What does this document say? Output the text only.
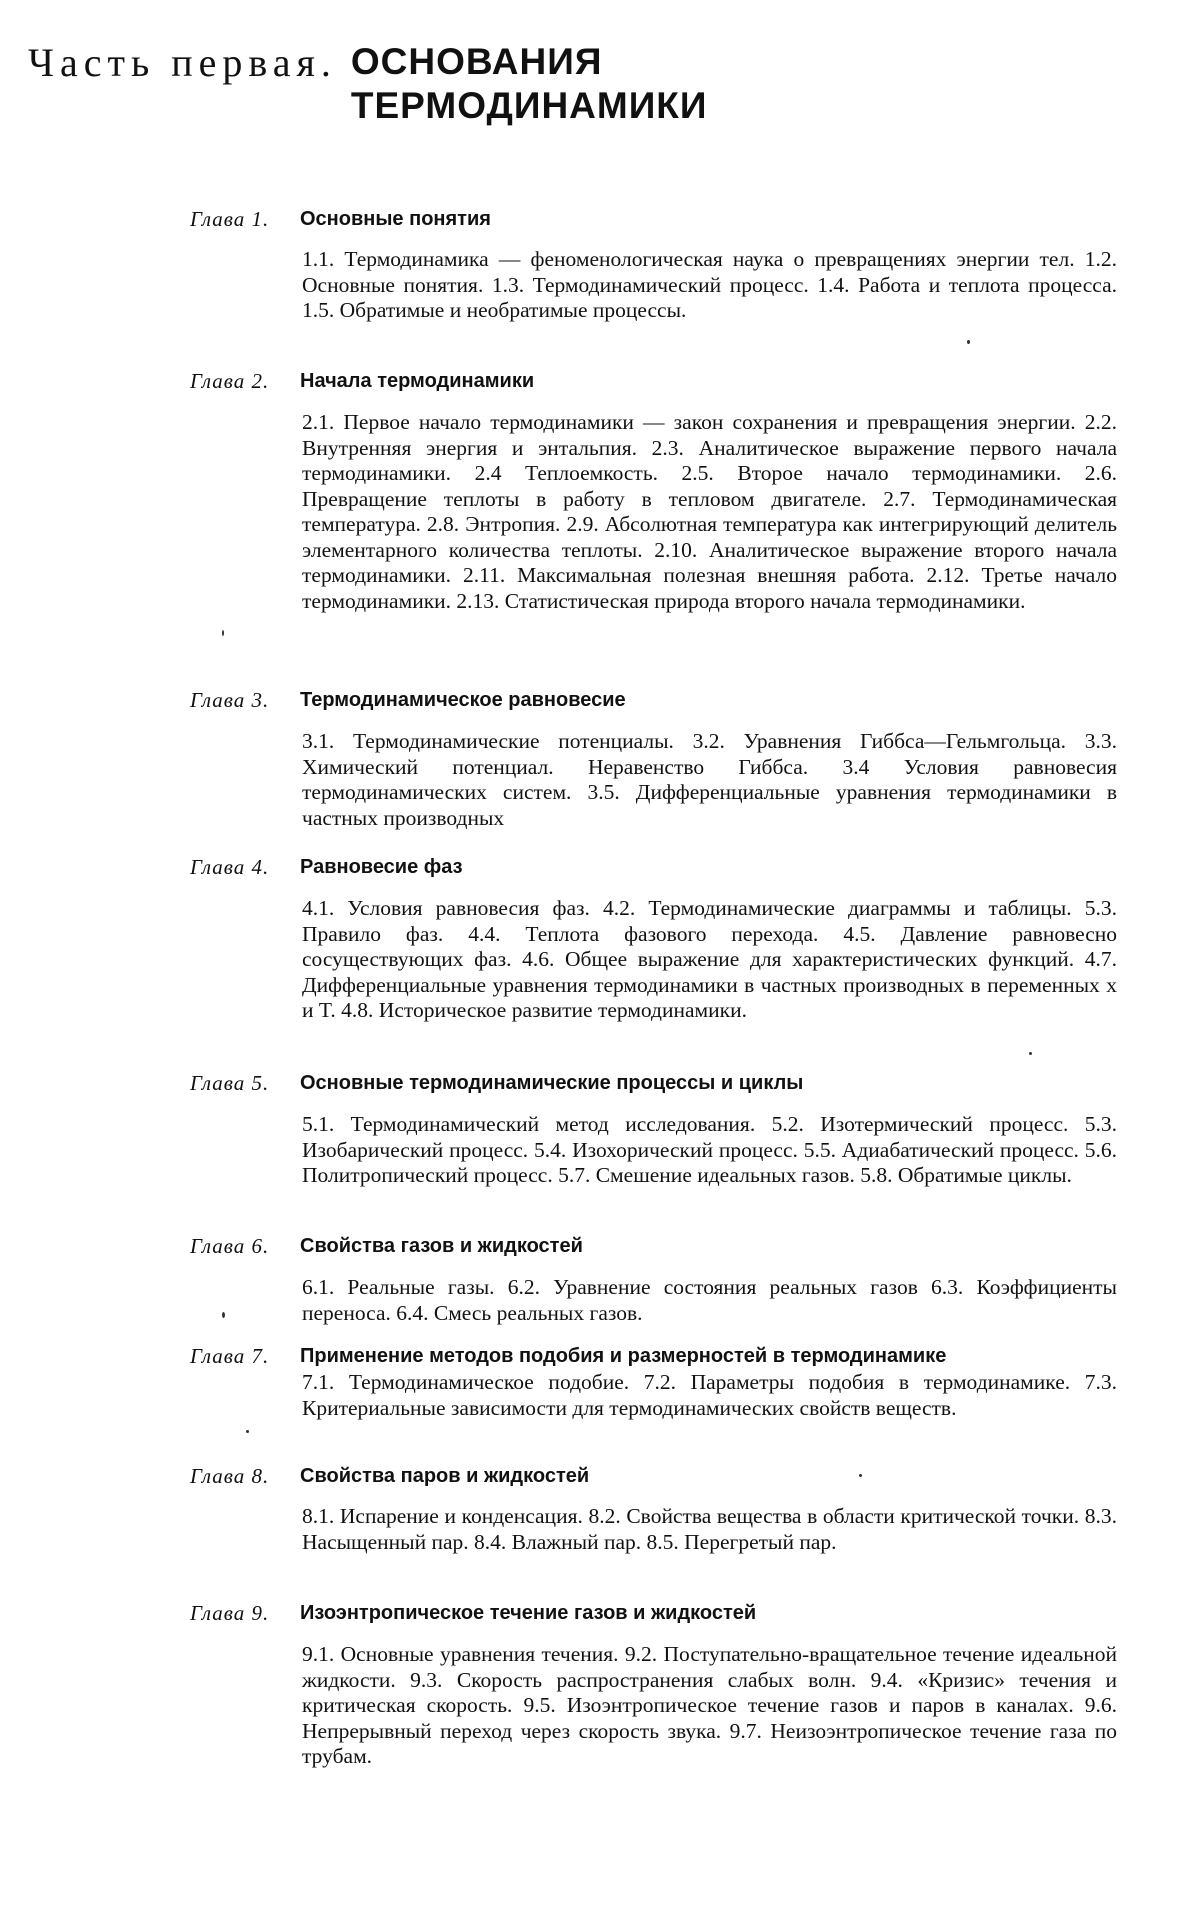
Часть первая. ОСНОВАНИЯ
ТЕРМОДИНАМИКИ
Глава 1.	Основные понятия
1.1. Термодинамика — феноменологическая наука о превращениях энергии тел. 1.2. Основные понятия. 1.3. Термодинамический процесс. 1.4. Работа и теплота процесса. 1.5. Обратимые и необратимые процессы.
Глава 2.	Начала термодинамики
2.1. Первое начало термодинамики — закон сохранения и превращения энергии. 2.2. Внутренняя энергия и энтальпия. 2.3. Аналитическое выражение первого начала термодинамики. 2.4 Теплоемкость. 2.5. Второе начало термодинамики. 2.6. Превращение теплоты в работу в тепловом двигателе. 2.7. Термодинамическая температура. 2.8. Энтропия. 2.9. Абсолютная температура как интегрирующий делитель элементарного количества теплоты. 2.10. Аналитическое выражение второго начала термодинамики. 2.11. Максимальная полезная внешняя работа. 2.12. Третье начало термодинамики. 2.13. Статистическая природа второго начала термодинамики.
Глава 3.	Термодинамическое равновесие
3.1. Термодинамические потенциалы. 3.2. Уравнения Гиббса—Гельмгольца. 3.3. Химический потенциал. Неравенство Гиббса. 3.4 Условия равновесия термодинамических систем. 3.5. Дифференциальные уравнения термодинамики в частных производных
Глава 4.	Равновесие фаз
4.1. Условия равновесия фаз. 4.2. Термодинамические диаграммы и таблицы. 5.3. Правило фаз. 4.4. Теплота фазового перехода. 4.5. Давление равновесно сосуществующих фаз. 4.6. Общее выражение для характеристических функций. 4.7. Дифференциальные уравнения термодинамики в частных производных в переменных x и T. 4.8. Историческое развитие термодинамики.
Глава 5.	Основные термодинамические процессы и циклы
5.1. Термодинамический метод исследования. 5.2. Изотермический процесс. 5.3. Изобарический процесс. 5.4. Изохорический процесс. 5.5. Адиабатический процесс. 5.6. Политропический процесс. 5.7. Смешение идеальных газов. 5.8. Обратимые циклы.
Глава 6.	Свойства газов и жидкостей
6.1. Реальные газы. 6.2. Уравнение состояния реальных газов 6.3. Коэффициенты переноса. 6.4. Смесь реальных газов.
Глава 7.	Применение методов подобия и размерностей в термодинамике
7.1. Термодинамическое подобие. 7.2. Параметры подобия в термодинамике. 7.3. Критериальные зависимости для термодинамических свойств веществ.
Глава 8.	Свойства паров и жидкостей
8.1. Испарение и конденсация. 8.2. Свойства вещества в области критической точки. 8.3. Насыщенный пар. 8.4. Влажный пар. 8.5. Перегретый пар.
Глава 9.	Изоэнтропическое течение газов и жидкостей
9.1. Основные уравнения течения. 9.2. Поступательно-вращательное течение идеальной жидкости. 9.3. Скорость распространения слабых волн. 9.4. «Кризис» течения и критическая скорость. 9.5. Изоэнтропическое течение газов и паров в каналах. 9.6. Непрерывный переход через скорость звука. 9.7. Неизоэнтропическое течение газа по трубам.
